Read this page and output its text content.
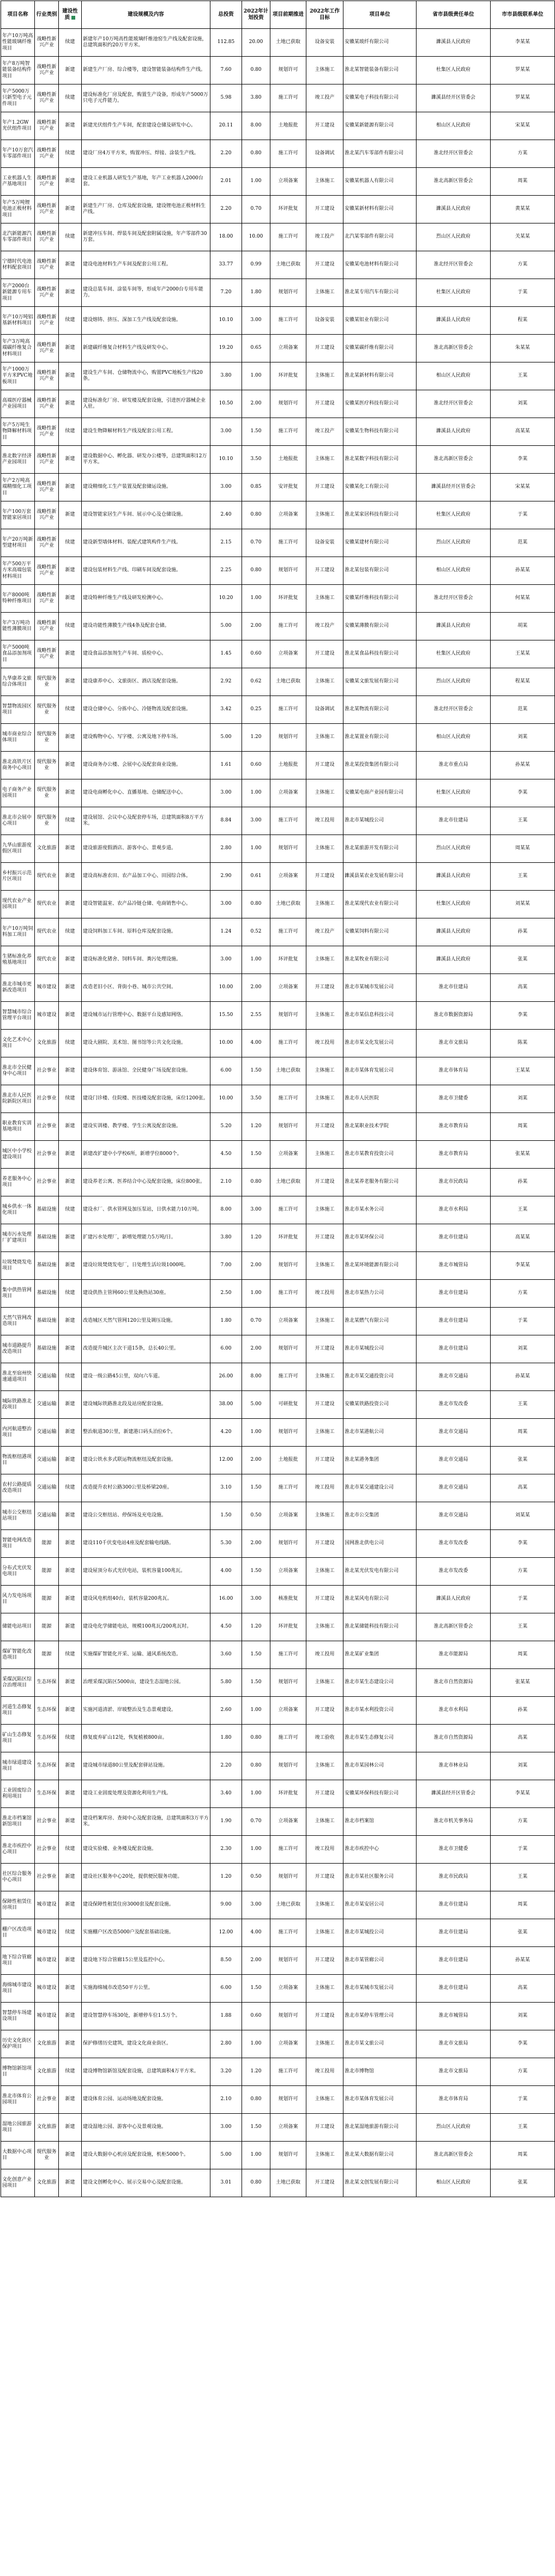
项目名称	行业类别	建设性质	建设规模及内容	总投资	2022年计划投资	项目前期推进	2022年工作目标	项目单位	省市县级责任单位	市市县级联系单位
年产10万吨高性能玻璃纤维项目	战略性新兴产业	续建	新建年产10万吨高性能玻璃纤维池窑生产线及配套设施，总建筑面积约20万平方米。	112.85	20.00	土地已获取	设备安装	安徽某玻纤有限公司	濉溪县人民政府	李某某
年产8万吨智能装备结构件项目	战略性新兴产业	新建	新建生产厂房、综合楼等，建设智能装备结构件生产线。	7.60	0.80	规划许可	主体施工	淮北某智能装备有限公司	杜集区人民政府	罗某某
年产5000万只新型电子元件项目	战略性新兴产业	续建	建设标准化厂房及配套，购置生产设备，形成年产5000万只电子元件能力。	5.98	3.80	施工许可	竣工投产	安徽某电子科技有限公司	濉溪县经开区管委会	罗某某
年产1.2GW光伏组件项目	战略性新兴产业	新建	新建光伏组件生产车间，配套建设仓储及研发中心。	20.11	8.00	土地报批	开工建设	安徽某新能源有限公司	相山区人民政府	宋某某
年产10万套汽车零部件项目	战略性新兴产业	续建	建设厂房4万平方米，购置冲压、焊接、涂装生产线。	2.20	0.80	施工许可	设备调试	淮北某汽车零部件有限公司	淮北经开区管委会	方某
工业机器人生产基地项目	战略性新兴产业	新建	建设工业机器人研发生产基地，年产工业机器人2000台套。	2.01	1.00	立项备案	主体施工	安徽某机器人有限公司	淮北高新区管委会	周某
年产5万吨锂电池正极材料项目	战略性新兴产业	新建	新建生产厂房、仓库及配套设施，建设锂电池正极材料生产线。	2.20	0.70	环评批复	开工建设	安徽某新材料有限公司	濉溪县人民政府	黄某某
北汽新能源汽车零部件项目	战略性新兴产业	续建	新建冲压车间、焊装车间及配套附属设施，年产零部件30万套。	18.00	10.00	施工许可	竣工投产	北汽某零部件有限公司	烈山区人民政府	关某某
宁德时代电池材料配套项目	战略性新兴产业	新建	建设电池材料生产车间及配套公用工程。	33.77	0.99	土地已获取	开工建设	安徽某电池材料有限公司	淮北经开区管委会	方某
年产2000台新能源专用车项目	战略性新兴产业	新建	建设总装车间、涂装车间等，形成年产2000台专用车能力。	7.20	1.80	规划许可	主体施工	淮北某专用汽车有限公司	杜集区人民政府	于某
年产10万吨铝基新材料项目	战略性新兴产业	续建	建设熔铸、挤压、深加工生产线及配套设施。	10.10	3.00	施工许可	设备安装	安徽某铝业有限公司	濉溪县人民政府	程某
年产3万吨高端碳纤维复合材料项目	战略性新兴产业	新建	新建碳纤维复合材料生产线及研发中心。	19.20	0.65	立项备案	开工建设	安徽某碳纤维有限公司	淮北高新区管委会	朱某某
年产1000万平方米PVC地板项目	战略性新兴产业	新建	建设生产车间、仓储物流中心，购置PVC地板生产线20条。	3.80	1.00	环评批复	主体施工	淮北某新材料有限公司	相山区人民政府	王某
高端医疗器械产业园项目	战略性新兴产业	新建	建设标准化厂房、研发楼及配套设施，引进医疗器械企业入驻。	10.50	2.00	规划许可	开工建设	安徽某医疗科技有限公司	淮北经开区管委会	刘某
年产5万吨生物降解材料项目	战略性新兴产业	续建	建设生物降解材料生产线及配套公用工程。	3.00	1.50	施工许可	竣工投产	安徽某生物科技有限公司	濉溪县人民政府	高某某
淮北数字经济产业园项目	战略性新兴产业	新建	建设数据中心、孵化器、研发办公楼等，总建筑面积12万平方米。	10.10	3.50	土地报批	主体施工	淮北某数字科技有限公司	淮北高新区管委会	李某
年产2万吨高端精细化工项目	战略性新兴产业	新建	建设精细化工生产装置及配套储运设施。	3.00	0.85	安评批复	开工建设	安徽某化工有限公司	濉溪县经开区管委会	宋某某
年产100万套智能家居项目	战略性新兴产业	新建	建设智能家居生产车间、展示中心及仓储设施。	2.40	0.80	立项备案	主体施工	淮北某家居科技有限公司	杜集区人民政府	于某
年产20万吨新型建材项目	战略性新兴产业	续建	建设新型墙体材料、装配式建筑构件生产线。	2.15	0.70	施工许可	设备安装	安徽某建材有限公司	烈山区人民政府	范某
年产500万平方米高端包装材料项目	战略性新兴产业	新建	建设包装材料生产线、印刷车间及配套设施。	2.25	0.80	规划许可	开工建设	淮北某包装有限公司	相山区人民政府	孙某某
年产8000吨特种纤维项目	战略性新兴产业	新建	建设特种纤维生产线及研发检测中心。	10.20	1.00	环评批复	主体施工	安徽某纤维科技有限公司	淮北经开区管委会	何某某
年产3万吨功能性薄膜项目	战略性新兴产业	续建	建设功能性薄膜生产线4条及配套仓储。	5.00	2.00	施工许可	竣工投产	安徽某薄膜有限公司	濉溪县人民政府	胡某
年产5000吨食品添加剂项目	战略性新兴产业	新建	建设食品添加剂生产车间、质检中心。	1.45	0.60	立项备案	开工建设	淮北某食品科技有限公司	杜集区人民政府	王某某
九华康养文旅综合体项目	现代服务业	新建	建设康养中心、文旅街区、酒店及配套设施。	2.92	0.62	土地已获取	主体施工	安徽某文旅发展有限公司	烈山区人民政府	程某某
智慧物流园区项目	现代服务业	续建	建设仓储中心、分拣中心、冷链物流及配套设施。	3.42	0.25	施工许可	设备调试	淮北某物流有限公司	淮北经开区管委会	范某
城市商业综合体项目	现代服务业	新建	建设购物中心、写字楼、公寓及地下停车场。	5.00	1.20	规划许可	主体施工	淮北某置业有限公司	相山区人民政府	刘某
淮北高铁片区商务中心项目	现代服务业	新建	建设商务办公楼、会展中心及配套商业设施。	1.61	0.60	土地报批	开工建设	淮北某投资集团有限公司	淮北市重点局	孙某某
电子商务产业园项目	现代服务业	新建	建设电商孵化中心、直播基地、仓储配送中心。	3.00	1.00	立项备案	主体施工	安徽某电商产业园有限公司	杜集区人民政府	李某
淮北市会展中心项目	现代服务业	续建	建设展馆、会议中心及配套停车场，总建筑面积8万平方米。	8.84	3.00	施工许可	竣工投用	淮北市某城投公司	淮北市住建局	王某
九华山旅游度假区项目	文化旅游	新建	建设旅游度假酒店、游客中心、景观步道。	2.80	1.00	规划许可	主体施工	淮北某旅游开发有限公司	烈山区人民政府	周某某
乡村振兴示范片区项目	现代农业	新建	建设高标准农田、农产品加工中心、田园综合体。	2.90	0.61	立项备案	开工建设	濉溪县某农业发展有限公司	濉溪县人民政府	王某
现代农业产业园项目	现代农业	新建	建设智能温室、农产品冷链仓储、电商销售中心。	3.00	0.80	土地已获取	主体施工	淮北某现代农业有限公司	杜集区人民政府	刘某某
年产10万吨饲料加工项目	现代农业	续建	建设饲料加工车间、原料仓库及配套设施。	1.24	0.52	施工许可	竣工投产	安徽某饲料有限公司	濉溪县人民政府	孙某
生猪标准化养殖基地项目	现代农业	新建	建设标准化猪舍、饲料车间、粪污处理设施。	3.00	1.00	环评批复	主体施工	淮北某牧业有限公司	濉溪县人民政府	张某
淮北市城市更新改造项目	城市建设	新建	改造老旧小区、背街小巷、城市公共空间。	10.00	2.00	立项备案	开工建设	淮北市某城市发展公司	淮北市住建局	高某
智慧城市综合管理平台项目	城市建设	新建	建设城市运行管理中心、数据平台及感知网络。	15.50	2.55	规划许可	主体施工	淮北市某信息科技公司	淮北市数据资源局	李某
文化艺术中心项目	文化旅游	续建	建设大剧院、美术馆、图书馆等公共文化设施。	10.00	4.00	施工许可	竣工投用	淮北市某文化发展公司	淮北市文旅局	陈某
淮北市全民健身中心项目	社会事业	新建	建设体育馆、游泳馆、全民健身广场及配套设施。	6.00	1.50	土地已获取	主体施工	淮北市某体育发展公司	淮北市体育局	王某某
淮北市人民医院新院区项目	社会事业	续建	建设门诊楼、住院楼、医技楼及配套设施，床位1200张。	10.00	3.50	施工许可	主体施工	淮北市人民医院	淮北市卫健委	刘某
职业教育实训基地项目	社会事业	新建	建设实训楼、教学楼、学生公寓及配套设施。	5.20	1.20	规划许可	开工建设	淮北某职业技术学院	淮北市教育局	周某
城区中小学校建设项目	社会事业	新建	新建改扩建中小学校6所，新增学位8000个。	4.50	1.50	立项备案	主体施工	淮北市某教育投资公司	淮北市教育局	张某某
养老服务中心项目	社会事业	新建	建设养老公寓、医养结合中心及配套设施，床位800张。	2.10	0.80	土地已获取	开工建设	淮北某养老服务有限公司	淮北市民政局	孙某
城乡供水一体化项目	基础设施	续建	建设水厂、供水管网及加压泵站，日供水能力10万吨。	8.00	3.00	施工许可	主体施工	淮北市某水务公司	淮北市水利局	王某
城市污水处理厂扩建项目	基础设施	新建	扩建污水处理厂，新增处理能力5万吨/日。	3.80	1.20	环评批复	开工建设	淮北市某环保公司	淮北市住建局	高某某
垃圾焚烧发电项目	基础设施	新建	建设垃圾焚烧发电厂，日处理生活垃圾1000吨。	7.00	2.00	规划许可	主体施工	淮北某环境能源有限公司	淮北市城管局	李某某
集中供热管网项目	基础设施	续建	建设供热主管网60公里及换热站30座。	2.50	1.00	施工许可	竣工投用	淮北市某热力公司	淮北市住建局	方某
天然气管网改造项目	基础设施	新建	改造城区天然气管网120公里及调压设施。	1.80	0.70	立项备案	主体施工	淮北某燃气有限公司	淮北市住建局	于某
城市道路提升改造项目	基础设施	新建	改造提升城区主次干道15条，总长40公里。	6.00	2.00	规划许可	开工建设	淮北市某城投公司	淮北市住建局	刘某
淮北至宿州快速通道项目	交通运输	续建	建设一级公路45公里，双向六车道。	26.00	8.00	施工许可	主体施工	淮北市某交通投资公司	淮北市交通局	孙某某
城际铁路淮北段项目	交通运输	新建	建设城际铁路淮北段及站房配套设施。	38.00	5.00	可研批复	开工建设	安徽某铁路投资公司	淮北市发改委	王某
内河航道整治项目	交通运输	新建	整治航道30公里，新建港口码头泊位6个。	4.20	1.00	规划许可	主体施工	淮北市某港航公司	淮北市交通局	周某
物流枢纽港项目	交通运输	新建	建设公铁水多式联运物流枢纽及配套设施。	12.00	2.00	土地报批	开工建设	淮北某港务集团	淮北市交通局	张某
农村公路提质改造项目	交通运输	续建	改造提升农村公路300公里及桥梁20座。	3.10	1.50	施工许可	竣工投用	淮北市某交通建设公司	淮北市交通局	高某
城市公交枢纽站项目	交通运输	新建	建设公交枢纽站、停保场及充电设施。	1.50	0.50	立项备案	主体施工	淮北市公交集团	淮北市交通局	刘某某
智能电网改造项目	能源	新建	建设110千伏变电站4座及配套输电线路。	5.30	2.00	规划许可	开工建设	国网淮北供电公司	淮北市发改委	李某
分布式光伏发电项目	能源	新建	建设屋顶分布式光伏电站，装机容量100兆瓦。	4.00	1.50	立项备案	主体施工	淮北某光伏发电有限公司	淮北市发改委	方某
风力发电场项目	能源	新建	建设风电机组40台，装机容量200兆瓦。	16.00	3.00	核准批复	开工建设	淮北某风电有限公司	濉溪县人民政府	于某
储能电站项目	能源	新建	建设电化学储能电站，规模100兆瓦/200兆瓦时。	4.50	1.20	环评批复	主体施工	淮北某储能科技有限公司	淮北高新区管委会	王某
煤矿智能化改造项目	能源	续建	实施煤矿智能化开采、运输、通风系统改造。	3.60	1.50	施工许可	竣工投用	淮北某矿业集团	淮北市能源局	周某
采煤沉陷区综合治理项目	生态环保	新建	治理采煤沉陷区5000亩，建设生态湿地公园。	5.80	1.50	规划许可	主体施工	淮北市某生态建设公司	淮北市自然资源局	张某某
河道生态修复项目	生态环保	新建	实施河道清淤、岸坡整治及生态景观建设。	2.60	1.00	立项备案	开工建设	淮北市某水利投资公司	淮北市水利局	孙某
矿山生态修复项目	生态环保	续建	修复废弃矿山12处，恢复植被800亩。	1.80	0.80	施工许可	竣工验收	淮北市某生态修复公司	淮北市自然资源局	高某
城市绿道建设项目	生态环保	新建	建设城市绿道80公里及配套驿站设施。	2.20	0.80	规划许可	主体施工	淮北市某园林公司	淮北市林业局	刘某
工业固废综合利用项目	生态环保	新建	建设工业固废处理及资源化利用生产线。	3.40	1.00	环评批复	开工建设	安徽某环保科技有限公司	濉溪县经开区管委会	李某某
淮北市档案馆新馆项目	社会事业	新建	建设档案库房、查阅中心及配套设施，总建筑面积3万平方米。	1.90	0.70	立项备案	主体施工	淮北市档案馆	淮北市机关事务局	方某
淮北市疾控中心项目	社会事业	续建	建设实验楼、业务楼及配套设施。	2.30	1.00	施工许可	竣工投用	淮北市疾控中心	淮北市卫健委	于某
社区综合服务中心项目	社会事业	新建	建设社区服务中心20处，提供便民服务功能。	1.20	0.50	规划许可	开工建设	淮北市某社区服务公司	淮北市民政局	王某
保障性租赁住房项目	城市建设	新建	建设保障性租赁住房3000套及配套设施。	9.00	3.00	土地已获取	主体施工	淮北市某安居公司	淮北市住建局	周某
棚户区改造项目	城市建设	续建	实施棚户区改造5000户及配套基础设施。	12.00	4.00	施工许可	主体施工	淮北市某城投公司	淮北市住建局	张某
地下综合管廊项目	城市建设	新建	建设地下综合管廊15公里及监控中心。	8.50	2.00	规划许可	开工建设	淮北市某管廊公司	淮北市住建局	孙某某
海绵城市建设项目	城市建设	新建	实施海绵城市改造50平方公里。	6.00	1.50	立项备案	主体施工	淮北市某城市发展公司	淮北市住建局	高某
智慧停车场建设项目	城市建设	新建	建设智慧停车场30处，新增停车位1.5万个。	1.88	0.60	规划许可	开工建设	淮北市某停车管理公司	淮北市城管局	刘某
历史文化街区保护项目	文化旅游	新建	保护修缮历史建筑，建设文化商业街区。	2.80	1.00	立项备案	主体施工	淮北市某文旅公司	淮北市文旅局	李某
博物馆新馆项目	文化旅游	续建	建设博物馆新馆及配套设施，总建筑面积4万平方米。	3.20	1.20	施工许可	竣工投用	淮北市博物馆	淮北市文旅局	方某
淮北市体育公园项目	社会事业	新建	建设体育公园、运动场地及配套设施。	2.10	0.80	规划许可	主体施工	淮北市某体育发展公司	淮北市体育局	于某
湿地公园旅游项目	文化旅游	新建	建设湿地公园、游客中心及景观设施。	3.00	1.50	立项备案	开工建设	淮北某湿地旅游有限公司	烈山区人民政府	王某
大数据中心项目	现代服务业	新建	建设大数据中心机房及配套设施，机柜5000个。	5.00	1.00	规划许可	主体施工	淮北某大数据有限公司	淮北高新区管委会	周某
文化创意产业园项目	文化旅游	新建	建设文创孵化中心、展示交易中心及配套设施。	3.01	0.80	土地已获取	开工建设	淮北某文创发展有限公司	相山区人民政府	张某
